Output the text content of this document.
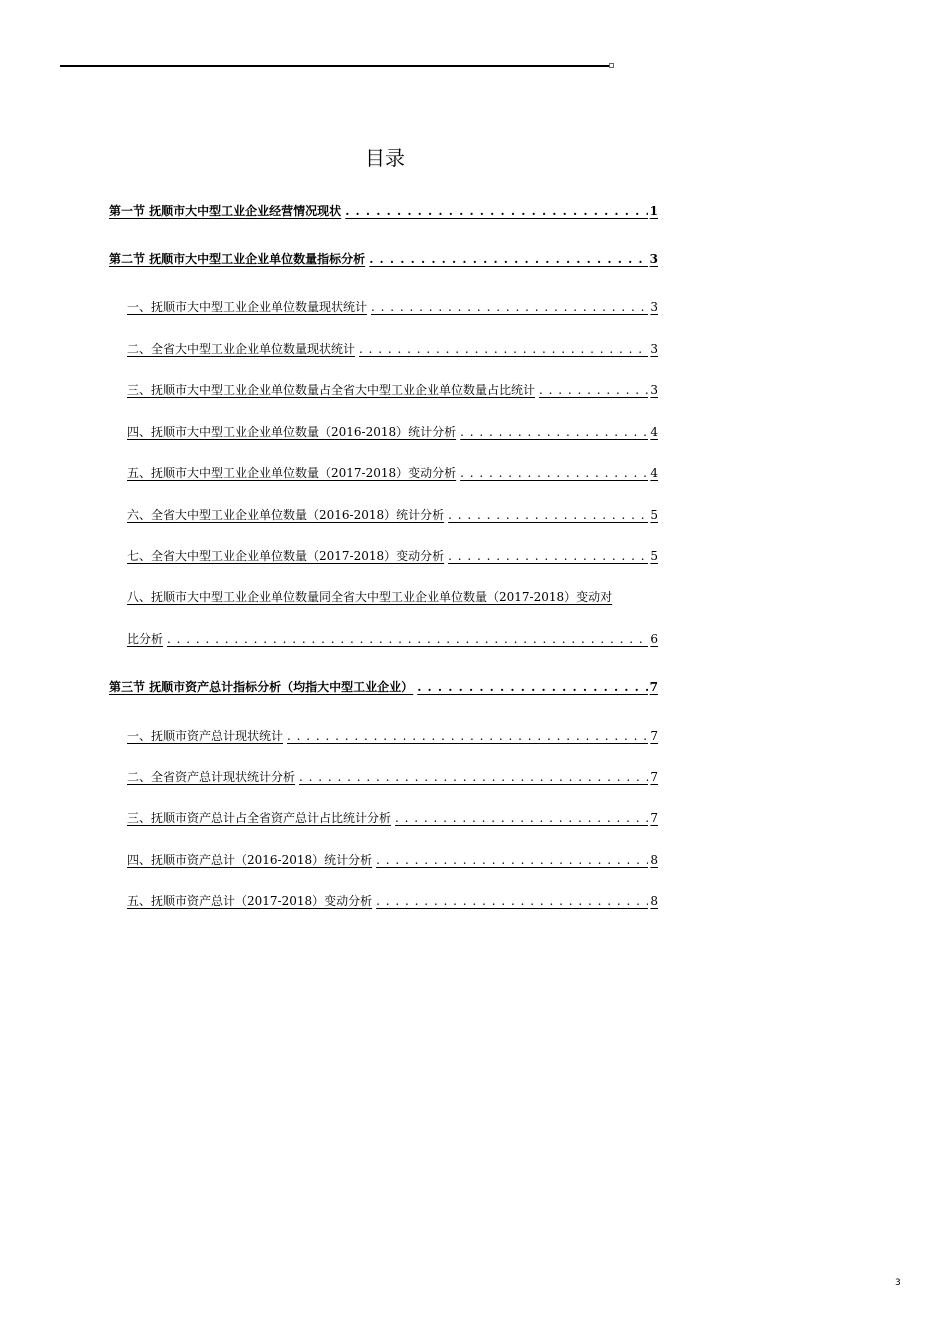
目录
第一节 抚顺市大中型工业企业经营情况现状 . . .	1
第二节 抚顺市大中型工业企业单位数量指标分析 . . .	3
一、抚顺市大中型工业企业单位数量现状统计 . . .	3
二、全省大中型工业企业单位数量现状统计 . . .	3
三、抚顺市大中型工业企业单位数量占全省大中型工业企业单位数量占比统计 . . .	3
四、抚顺市大中型工业企业单位数量（2016-2018）统计分析 . . .	4
五、抚顺市大中型工业企业单位数量（2017-2018）变动分析 . . .	4
六、全省大中型工业企业单位数量（2016-2018）统计分析 . . .	5
七、全省大中型工业企业单位数量（2017-2018）变动分析 . . .	5
八、抚顺市大中型工业企业单位数量同全省大中型工业企业单位数量（2017-2018）变动对
比分析 . . .	6
第三节 抚顺市资产总计指标分析（均指大中型工业企业） . . .	7
一、抚顺市资产总计现状统计 . . .	7
二、全省资产总计现状统计分析 . . .	7
三、抚顺市资产总计占全省资产总计占比统计分析 . . .	7
四、抚顺市资产总计（2016-2018）统计分析 . . .	8
五、抚顺市资产总计（2017-2018）变动分析 . . .	8
3
